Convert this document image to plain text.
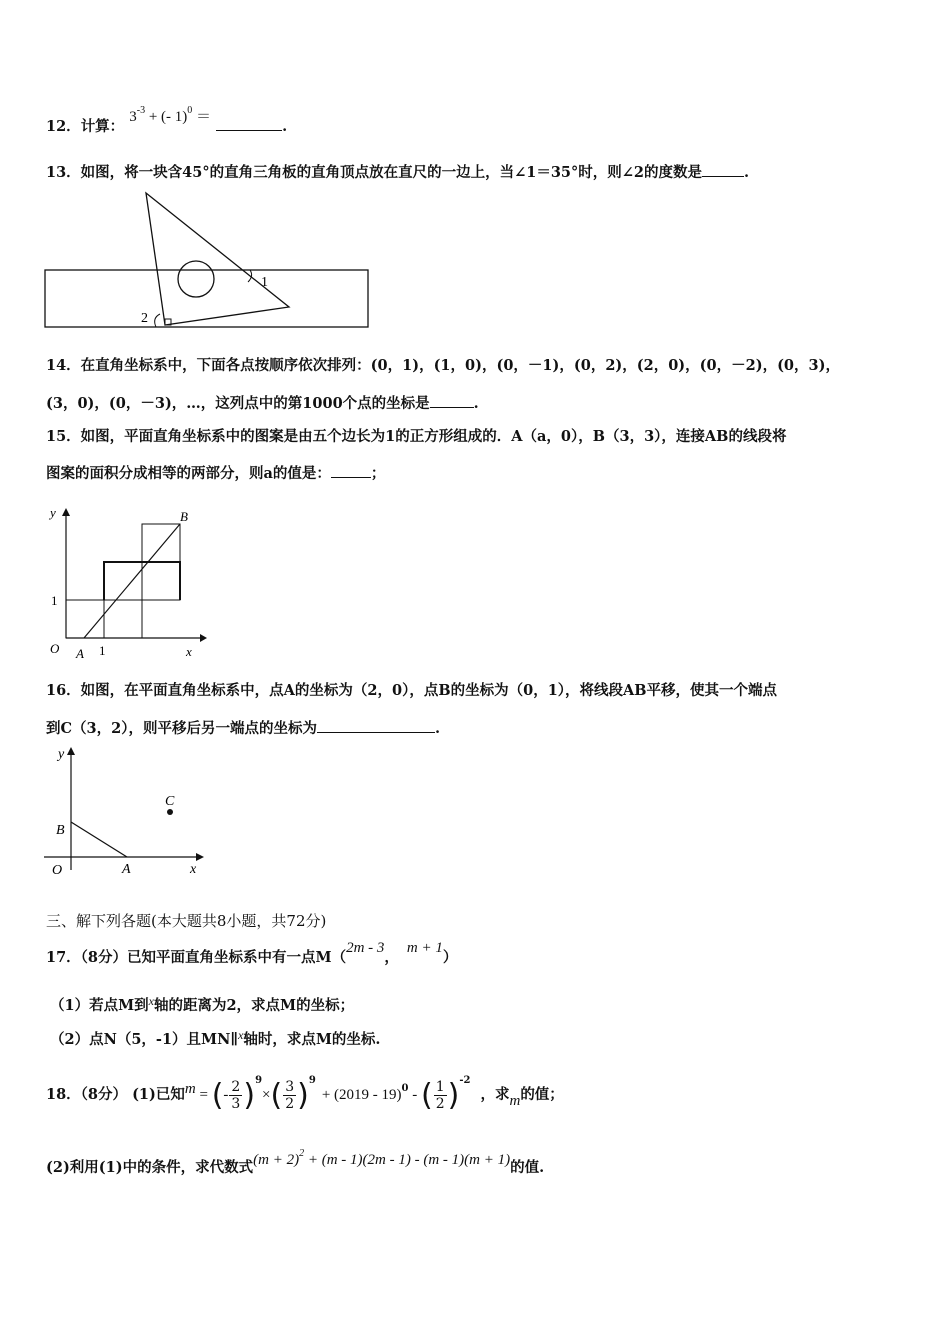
12．计算： $3^{-3}$ + (- 1)$^0$ ＝ .
13．如图，将一块含45°的直角三角板的直角顶点放在直尺的一边上，当∠1＝35°时，则∠2的度数是	.
1
2
14．在直角坐标系中，下面各点按顺序依次排列：(0，1)，(1，0)，(0，－1)，(0，2)，(2，0)，(0，－2)，(0，3)，
(3，0)，(0，－3)，…，这列点中的第1000个点的坐标是	.
15．如图，平面直角坐标系中的图案是由五个边长为1的正方形组成的．A（a，0），B（3，3），连接AB的线段将
图案的面积分成相等的两部分，则a的值是：	；
y
x
O A
B
1
1
16．如图，在平面直角坐标系中，点A的坐标为（2，0），点B的坐标为（0，1），将线段AB平移，使其一个端点
到C（3，2），则平移后另一端点的坐标为	.
y
x
O	A
B
C
三、解下列各题(本大题共8小题，共72分)
17．（8分）已知平面直角坐标系中有一点M（2m - 3，m + 1）
（1）若点M到$^x$轴的距离为2，求点M的坐标；
（2）点N（5，-1）且MN∥$^x$轴时，求点M的坐标.
18．（8分） (1)已知m = (- $\frac{2}{3} )^9\times( \frac{3}{2} )^9+ (2019 - 19)^0$ - ( $\frac{1}{2} )^{-2}$，求m的值；
(2)利用(1)中的条件，求代数式$(m + 2)^2 + (m - 1)(2m - 1) - (m - 1)(m + 1)$的值.
